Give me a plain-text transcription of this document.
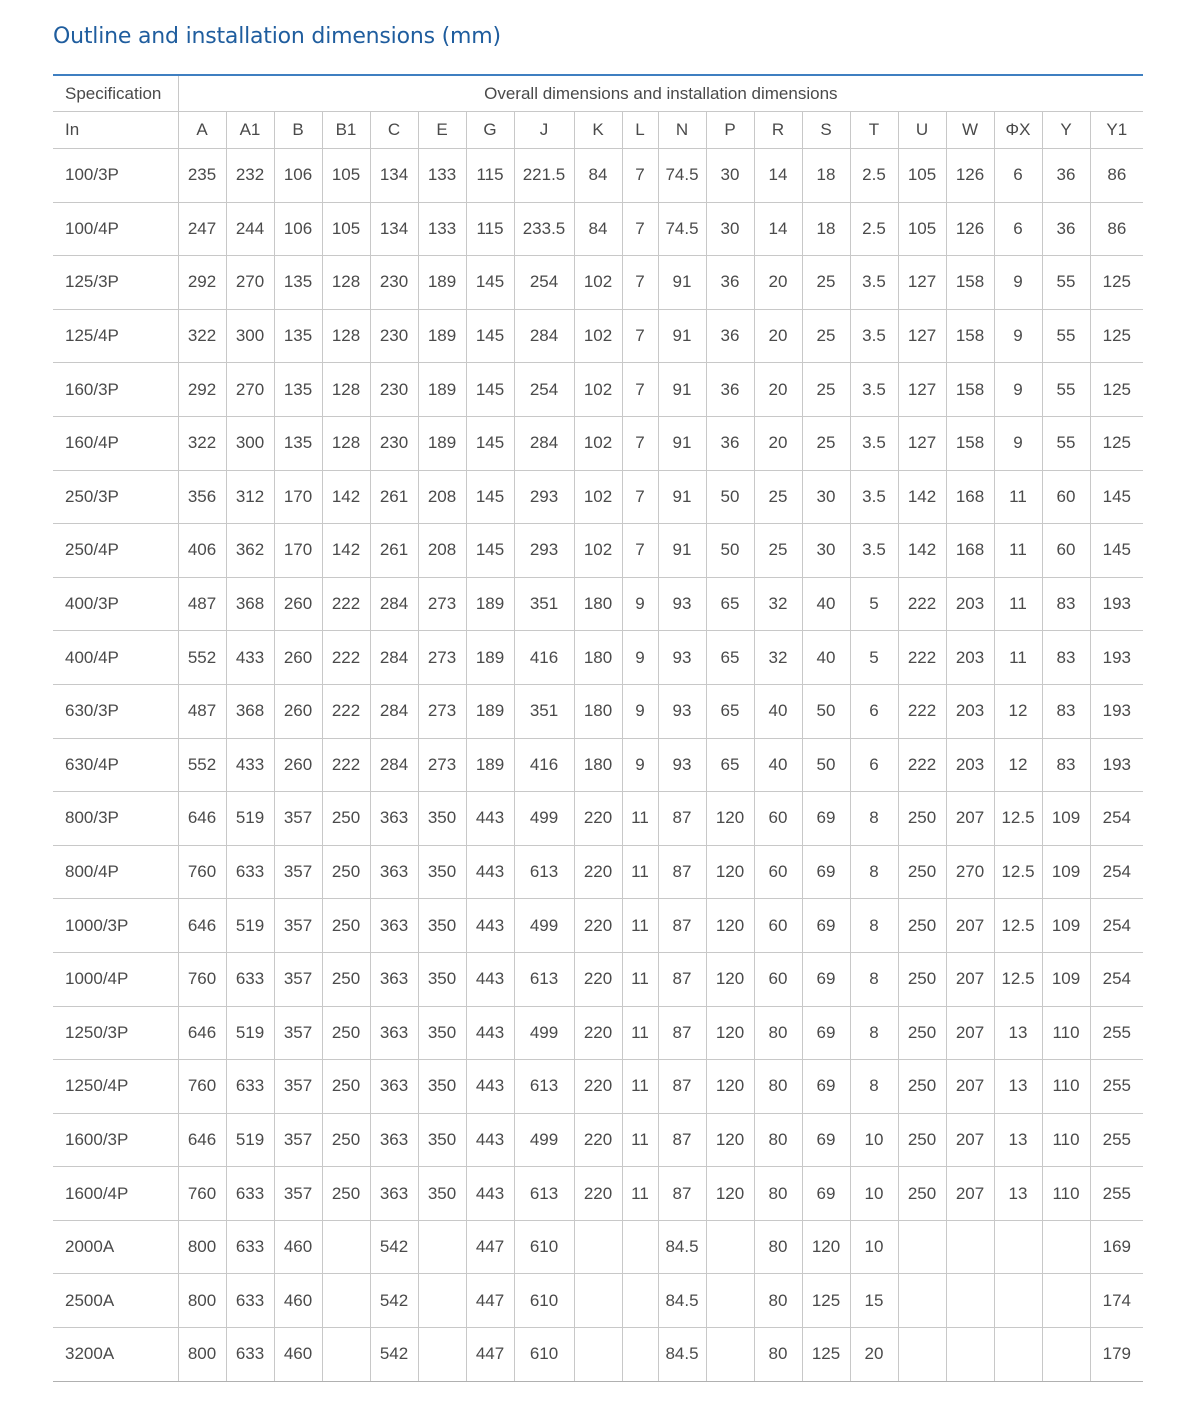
Outline and installation dimensions (mm)
Specification	Overall dimensions and installation dimensions																			
In	A	A1	B	B1	C	E	G	J	K	L	N	P	R	S	T	U	W	ΦX	Y	Y1
100/3P	235	232	106	105	134	133	115	221.5	84	7	74.5	30	14	18	2.5	105	126	6	36	86
100/4P	247	244	106	105	134	133	115	233.5	84	7	74.5	30	14	18	2.5	105	126	6	36	86
125/3P	292	270	135	128	230	189	145	254	102	7	91	36	20	25	3.5	127	158	9	55	125
125/4P	322	300	135	128	230	189	145	284	102	7	91	36	20	25	3.5	127	158	9	55	125
160/3P	292	270	135	128	230	189	145	254	102	7	91	36	20	25	3.5	127	158	9	55	125
160/4P	322	300	135	128	230	189	145	284	102	7	91	36	20	25	3.5	127	158	9	55	125
250/3P	356	312	170	142	261	208	145	293	102	7	91	50	25	30	3.5	142	168	11	60	145
250/4P	406	362	170	142	261	208	145	293	102	7	91	50	25	30	3.5	142	168	11	60	145
400/3P	487	368	260	222	284	273	189	351	180	9	93	65	32	40	5	222	203	11	83	193
400/4P	552	433	260	222	284	273	189	416	180	9	93	65	32	40	5	222	203	11	83	193
630/3P	487	368	260	222	284	273	189	351	180	9	93	65	40	50	6	222	203	12	83	193
630/4P	552	433	260	222	284	273	189	416	180	9	93	65	40	50	6	222	203	12	83	193
800/3P	646	519	357	250	363	350	443	499	220	11	87	120	60	69	8	250	207	12.5	109	254
800/4P	760	633	357	250	363	350	443	613	220	11	87	120	60	69	8	250	270	12.5	109	254
1000/3P	646	519	357	250	363	350	443	499	220	11	87	120	60	69	8	250	207	12.5	109	254
1000/4P	760	633	357	250	363	350	443	613	220	11	87	120	60	69	8	250	207	12.5	109	254
1250/3P	646	519	357	250	363	350	443	499	220	11	87	120	80	69	8	250	207	13	110	255
1250/4P	760	633	357	250	363	350	443	613	220	11	87	120	80	69	8	250	207	13	110	255
1600/3P	646	519	357	250	363	350	443	499	220	11	87	120	80	69	10	250	207	13	110	255
1600/4P	760	633	357	250	363	350	443	613	220	11	87	120	80	69	10	250	207	13	110	255
2000A	800	633	460		542		447	610			84.5		80	120	10					169
2500A	800	633	460		542		447	610			84.5		80	125	15					174
3200A	800	633	460		542		447	610			84.5		80	125	20					179
